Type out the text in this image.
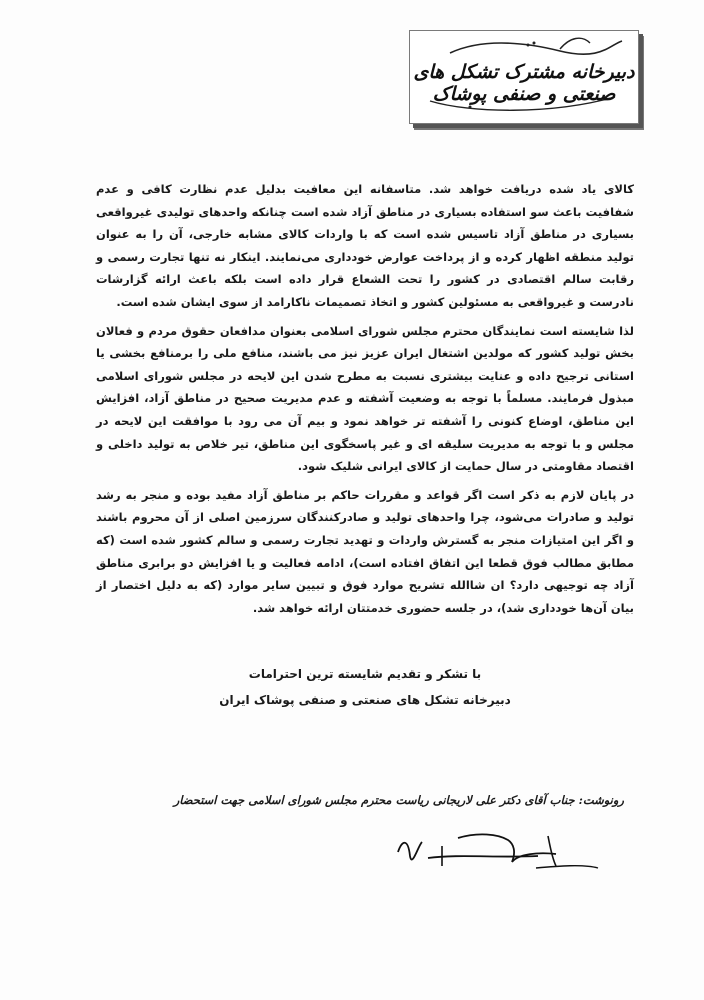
دبیرخانه مشترک تشکل های صنعتی و صنفی پوشاک

کالای یاد شده دریافت خواهد شد. متاسفانه این معافیت بدلیل عدم نظارت کافی و عدم شفافیت باعث سو استفاده بسیاری در مناطق آزاد شده است چنانکه واحدهای تولیدی غیرواقعی بسیاری در مناطق آزاد تاسیس شده است که با واردات کالای مشابه خارجی، آن را به عنوان تولید منطقه اظهار کرده و از پرداخت عوارض خودداری می‌نمایند. اینکار نه تنها تجارت رسمی و رقابت سالم اقتصادی در کشور را تحت الشعاع قرار داده است بلکه باعث ارائه گزارشات نادرست و غیرواقعی به مسئولین کشور و اتخاذ تصمیمات ناکارامد از سوی ایشان شده است.

لذا شایسته است نمایندگان محترم مجلس شورای اسلامی بعنوان مدافعان حقوق مردم و فعالان بخش تولید کشور که مولدین اشتغال ایران عزیز نیز می باشند، منافع ملی را برمنافع بخشی یا استانی ترجیح داده و عنایت بیشتری نسبت به مطرح شدن این لایحه در مجلس شورای اسلامی مبذول فرمایند. مسلماً با توجه به وضعیت آشفته و عدم مدیریت صحیح در مناطق آزاد، افزایش این مناطق، اوضاع کنونی را آشفته تر خواهد نمود و بیم آن می رود با موافقت این لایحه در مجلس و با توجه به مدیریت سلیقه ای و غیر پاسخگوی این مناطق، تیر خلاص به تولید داخلی و اقتصاد مقاومتی در سال حمایت از کالای ایرانی شلیک شود.

در پایان لازم به ذکر است اگر قواعد و مقررات حاکم بر مناطق آزاد مفید بوده و منجر به رشد تولید و صادرات می‌شود، چرا واحدهای تولید و صادرکنندگان سرزمین اصلی از آن محروم باشند و اگر این امتیازات منجر به گسترش واردات و تهدید تجارت رسمی و سالم کشور شده است (که مطابق مطالب فوق قطعا این اتفاق افتاده است)، ادامه فعالیت و یا افزایش دو برابری مناطق آزاد چه توجیهی دارد؟ ان شاالله تشریح موارد فوق و تبیین سایر موارد (که به دلیل اختصار از بیان آن‌ها خودداری شد)، در جلسه حضوری خدمتتان ارائه خواهد شد.

با تشکر و تقدیم شایسته ترین احترامات
دبیرخانه تشکل های صنعتی و صنفی پوشاک ایران
رونوشت: جناب آقای دکتر علی لاریجانی ریاست محترم مجلس شورای اسلامی جهت استحضار
